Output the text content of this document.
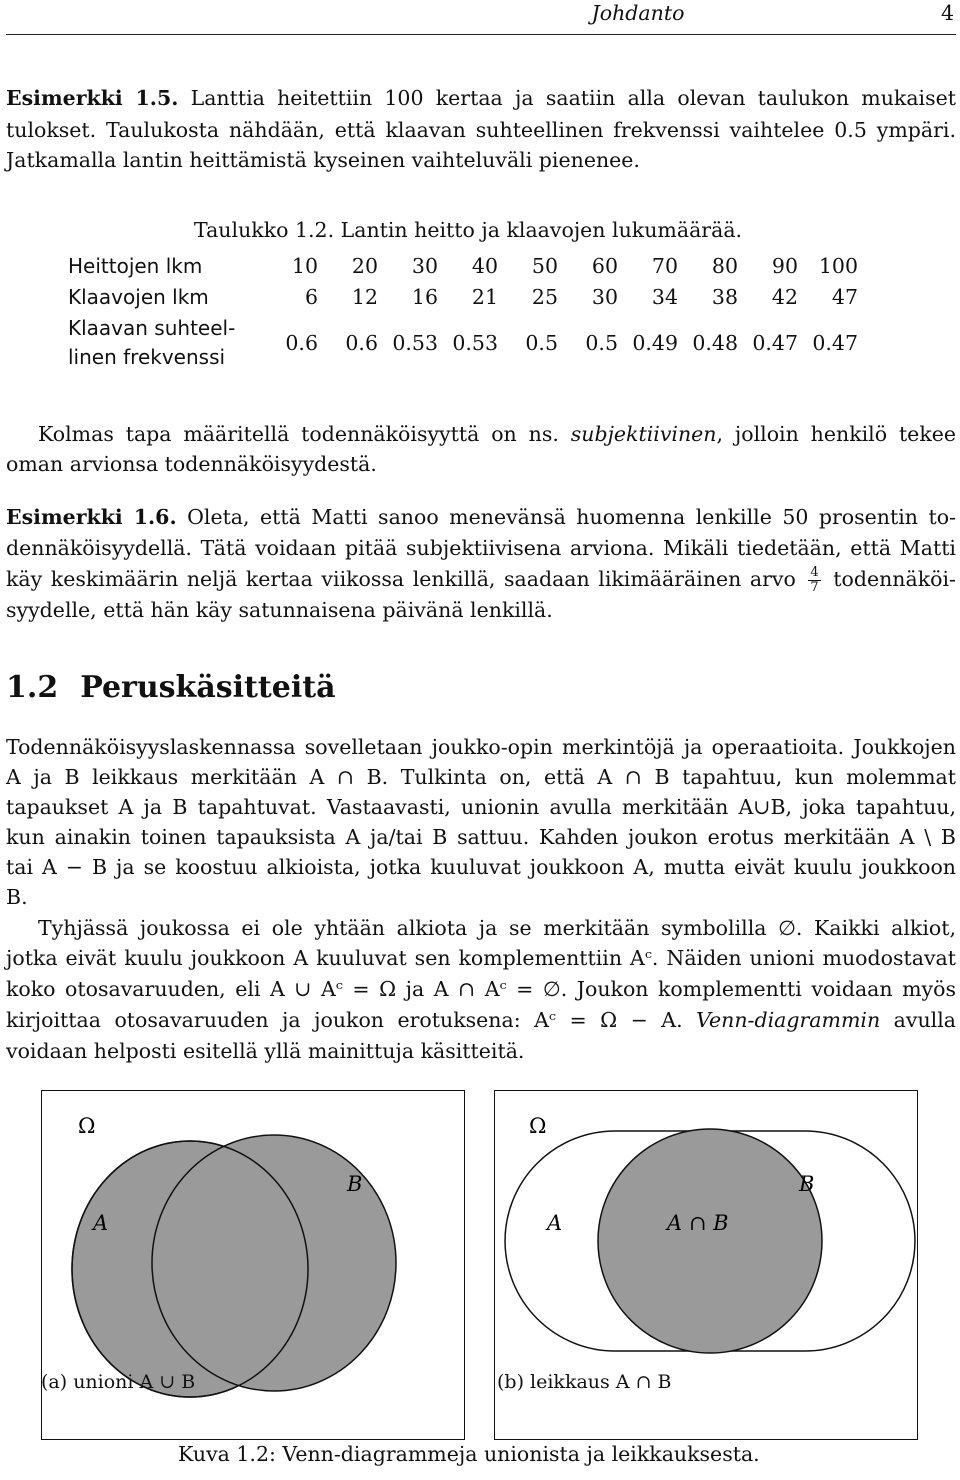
Johdanto	4
Esimerkki 1.5. Lanttia heitettiin 100 kertaa ja saatiin alla olevan taulukon mukaiset
tulokset. Taulukosta nähdään, että klaavan suhteellinen frekvenssi vaihtelee 0.5 ympäri.
Jatkamalla lantin heittämistä kyseinen vaihteluväli pienenee.
Taulukko 1.2. Lantin heitto ja klaavojen lukumäärää.
Heittojen lkm	10	20	30	40	50	60	70	80	90	100
Klaavojen lkm	6	12	16	21	25	30	34	38	42	47
Klaavan suhteel-
linen frekvenssi	0.6	0.6	0.53	0.53	0.5	0.5	0.49	0.48	0.47	0.47
Kolmas tapa määritellä todennäköisyyttä on ns. subjektiivinen, jolloin henkilö tekee
oman arvionsa todennäköisyydestä.
Esimerkki 1.6. Oleta, että Matti sanoo menevänsä huomenna lenkille 50 prosentin to-
dennäköisyydellä. Tätä voidaan pitää subjektiivisena arviona. Mikäli tiedetään, että Matti
käy keskimäärin neljä kertaa viikossa lenkillä, saadaan likimääräinen arvo $\frac{4}{7}$ todennäköi-
syydelle, että hän käy satunnaisena päivänä lenkillä.
1.2 Peruskäsitteitä
Todennäköisyyslaskennassa sovelletaan joukko-opin merkintöjä ja operaatioita. Joukkojen
A ja B leikkaus merkitään A ∩ B. Tulkinta on, että A ∩ B tapahtuu, kun molemmat
tapaukset A ja B tapahtuvat. Vastaavasti, unionin avulla merkitään A∪B, joka tapahtuu,
kun ainakin toinen tapauksista A ja/tai B sattuu. Kahden joukon erotus merkitään A \ B
tai A − B ja se koostuu alkioista, jotka kuuluvat joukkoon A, mutta eivät kuulu joukkoon
B.
Tyhjässä joukossa ei ole yhtään alkiota ja se merkitään symbolilla ∅. Kaikki alkiot,
jotka eivät kuulu joukkoon A kuuluvat sen komplementtiin Aᶜ. Näiden unioni muodostavat
koko otosavaruuden, eli A ∪ Aᶜ = Ω ja A ∩ Aᶜ = ∅. Joukon komplementti voidaan myös
kirjoittaa otosavaruuden ja joukon erotuksena: Aᶜ = Ω − A. Venn-diagrammin avulla
voidaan helposti esitellä yllä mainittuja käsitteitä.
Ω
A
B
Ω
A
B
A ∩ B
(a) unioni A ∪ B	(b) leikkaus A ∩ B
Kuva 1.2: Venn-diagrammeja unionista ja leikkauksesta.
